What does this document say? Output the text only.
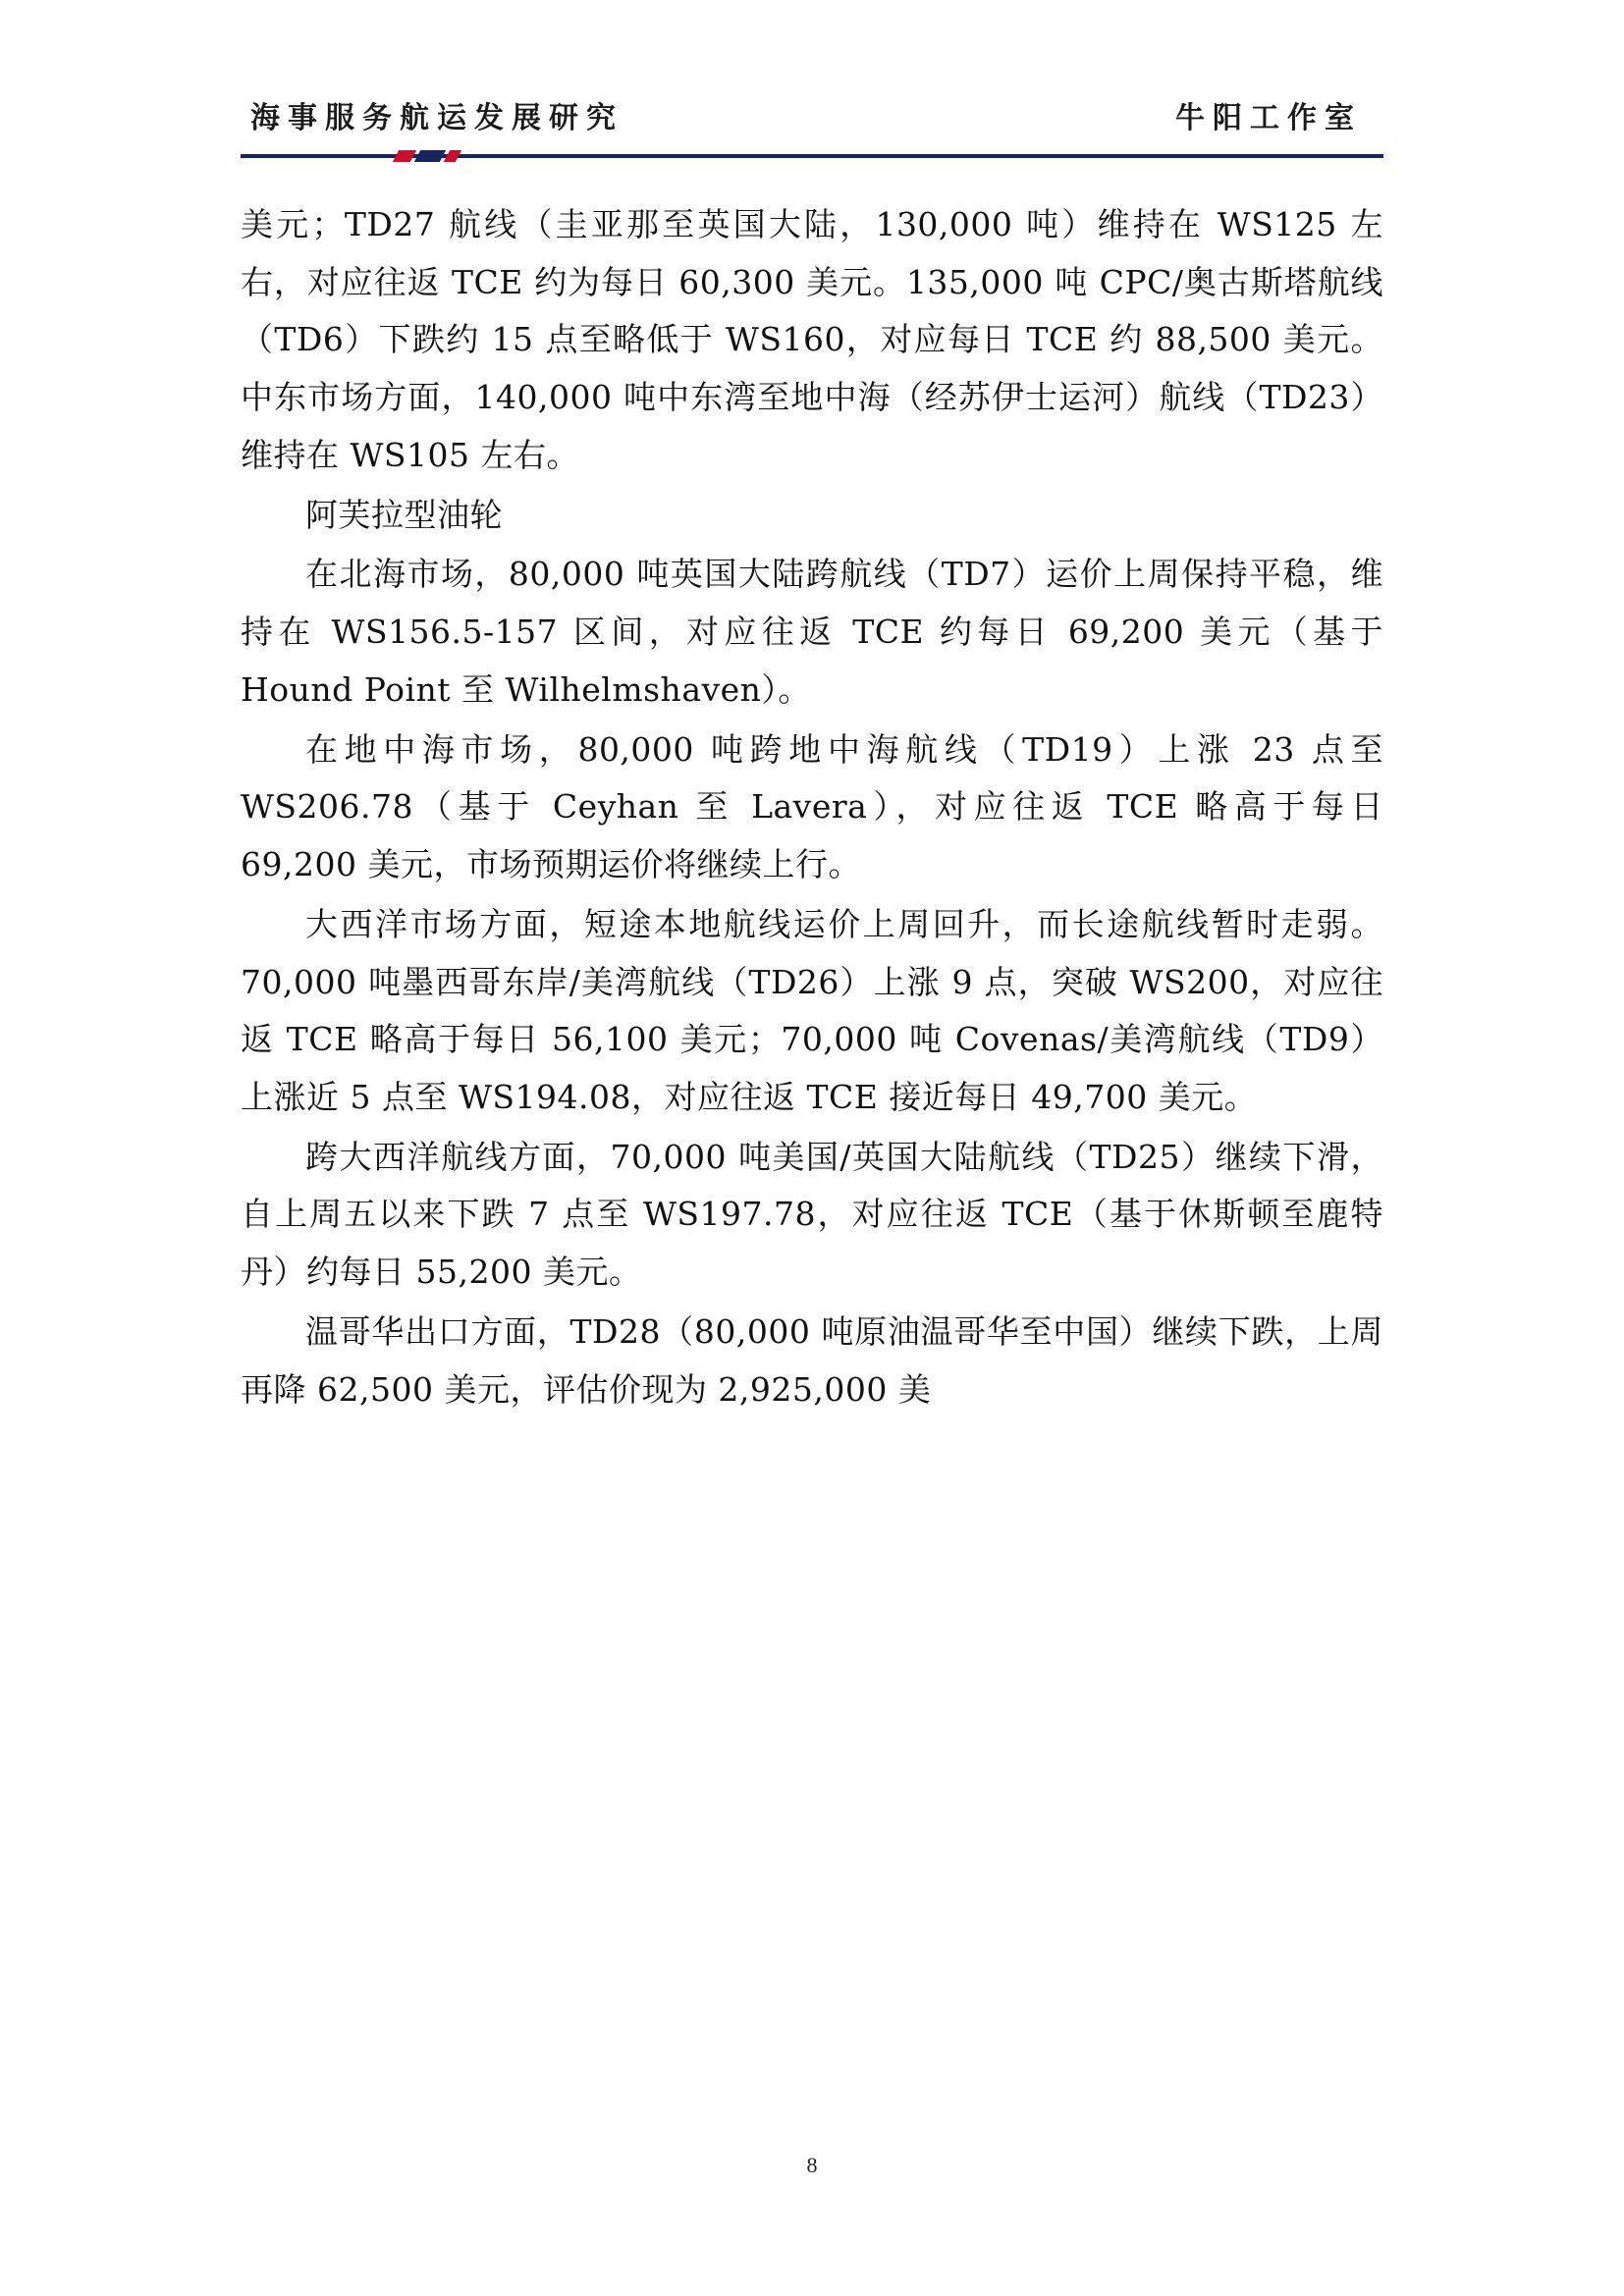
海事服务航运发展研究	牛阳工作室

美元；TD27 航线（圭亚那至英国大陆，130,000 吨）维持在 WS125 左右，对应往返 TCE 约为每日 60,300 美元。135,000 吨 CPC/奥古斯塔航线（TD6）下跌约 15 点至略低于 WS160，对应每日 TCE 约 88,500 美元。中东市场方面，140,000 吨中东湾至地中海（经苏伊士运河）航线（TD23）维持在 WS105 左右。

阿芙拉型油轮

在北海市场，80,000 吨英国大陆跨航线（TD7）运价上周保持平稳，维持在 WS156.5-157 区间，对应往返 TCE 约每日 69,200 美元（基于 Hound Point 至 Wilhelmshaven）。

在地中海市场，80,000 吨跨地中海航线（TD19）上涨 23 点至 WS206.78（基于 Ceyhan 至 Lavera），对应往返 TCE 略高于每日 69,200 美元，市场预期运价将继续上行。

大西洋市场方面，短途本地航线运价上周回升，而长途航线暂时走弱。70,000 吨墨西哥东岸/美湾航线（TD26）上涨 9 点，突破 WS200，对应往返 TCE 略高于每日 56,100 美元；70,000 吨 Covenas/美湾航线（TD9）上涨近 5 点至 WS194.08，对应往返 TCE 接近每日 49,700 美元。

跨大西洋航线方面，70,000 吨美国/英国大陆航线（TD25）继续下滑，自上周五以来下跌 7 点至 WS197.78，对应往返 TCE（基于休斯顿至鹿特丹）约每日 55,200 美元。

温哥华出口方面，TD28（80,000 吨原油温哥华至中国）继续下跌，上周再降 62,500 美元，评估价现为 2,925,000 美

8
